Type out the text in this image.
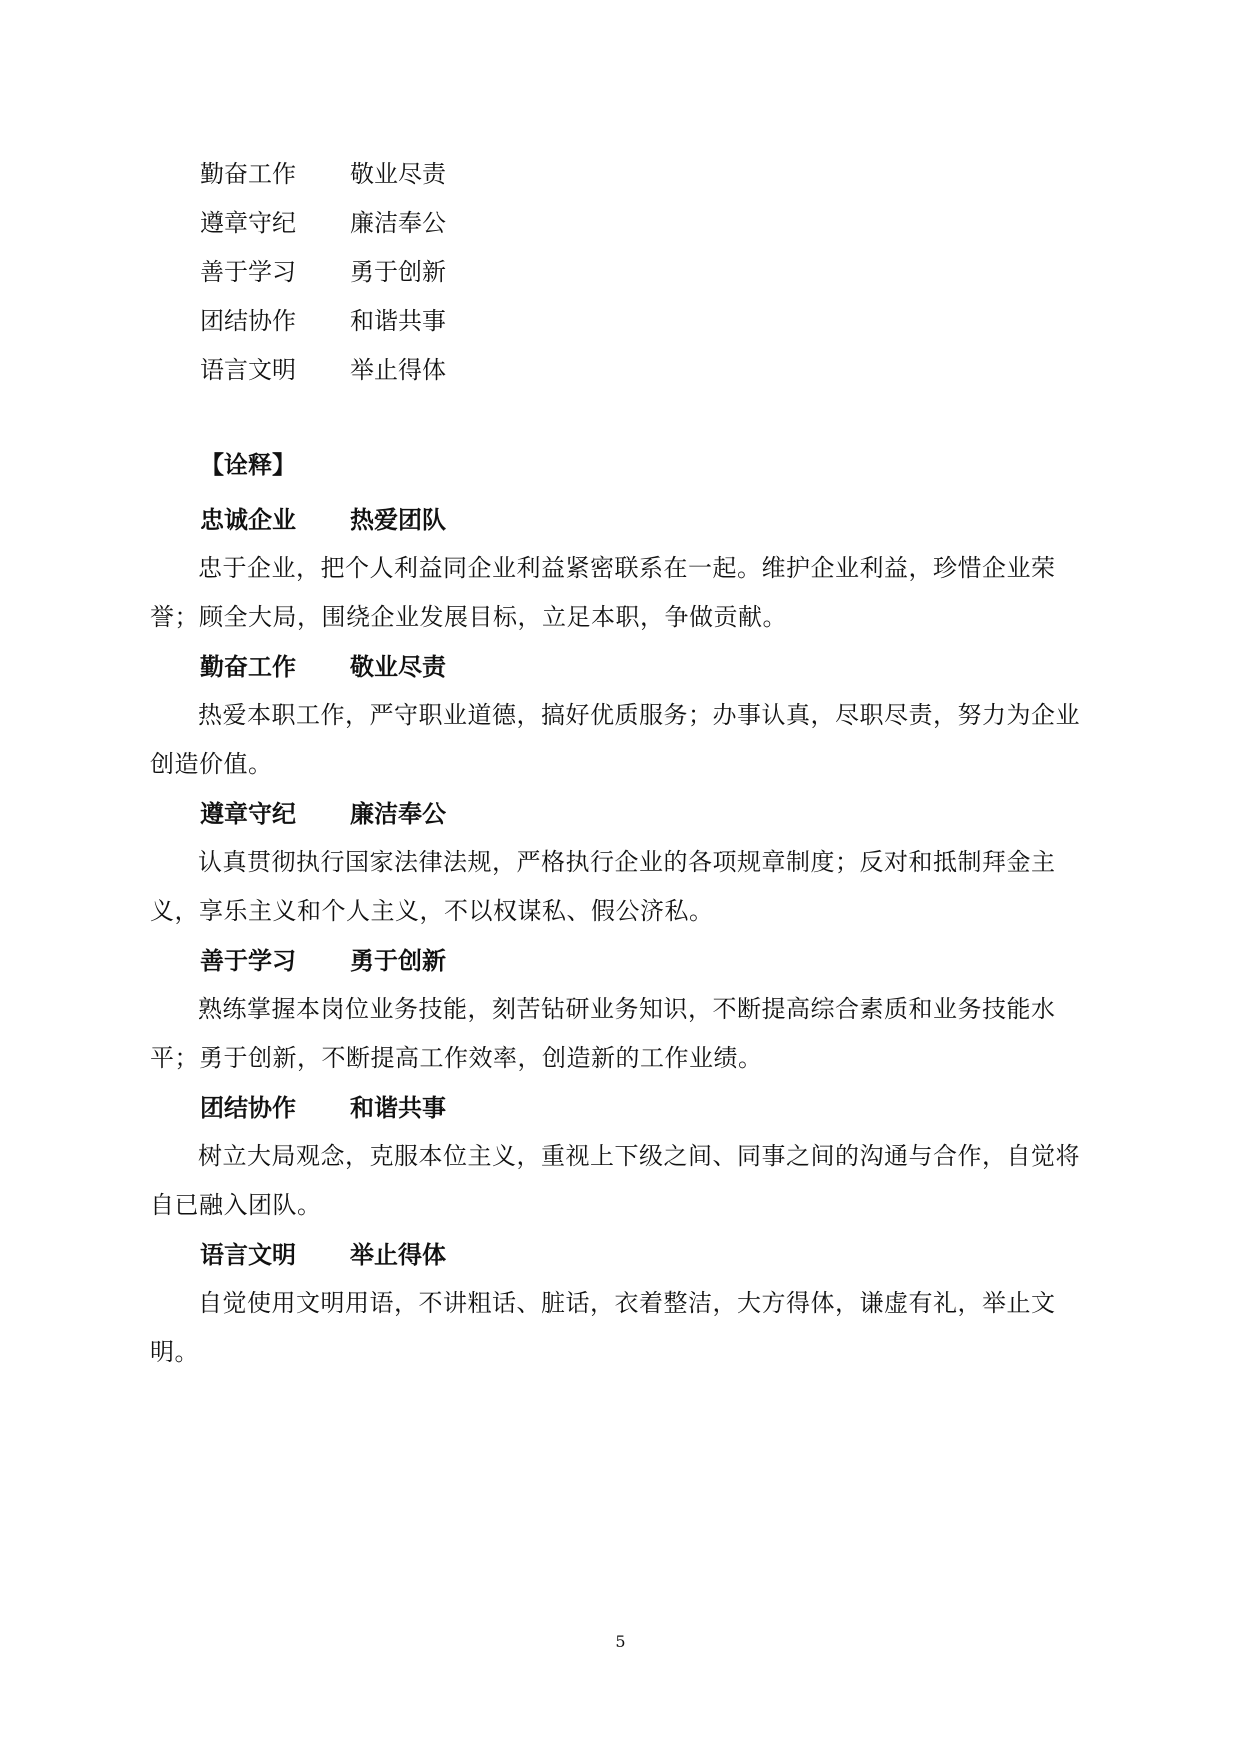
勤奋工作 敬业尽责
遵章守纪 廉洁奉公
善于学习 勇于创新
团结协作 和谐共事
语言文明 举止得体
【诠释】
忠诚企业 热爱团队
忠于企业，把个人利益同企业利益紧密联系在一起。维护企业利益，珍惜企业荣誉；顾全大局，围绕企业发展目标，立足本职，争做贡献。
勤奋工作 敬业尽责
热爱本职工作，严守职业道德，搞好优质服务；办事认真，尽职尽责，努力为企业创造价值。
遵章守纪 廉洁奉公
认真贯彻执行国家法律法规，严格执行企业的各项规章制度；反对和抵制拜金主义，享乐主义和个人主义，不以权谋私、假公济私。
善于学习 勇于创新
熟练掌握本岗位业务技能，刻苦钻研业务知识，不断提高综合素质和业务技能水平；勇于创新，不断提高工作效率，创造新的工作业绩。
团结协作 和谐共事
树立大局观念，克服本位主义，重视上下级之间、同事之间的沟通与合作，自觉将自已融入团队。
语言文明 举止得体
自觉使用文明用语，不讲粗话、脏话，衣着整洁，大方得体，谦虚有礼，举止文明。
5
